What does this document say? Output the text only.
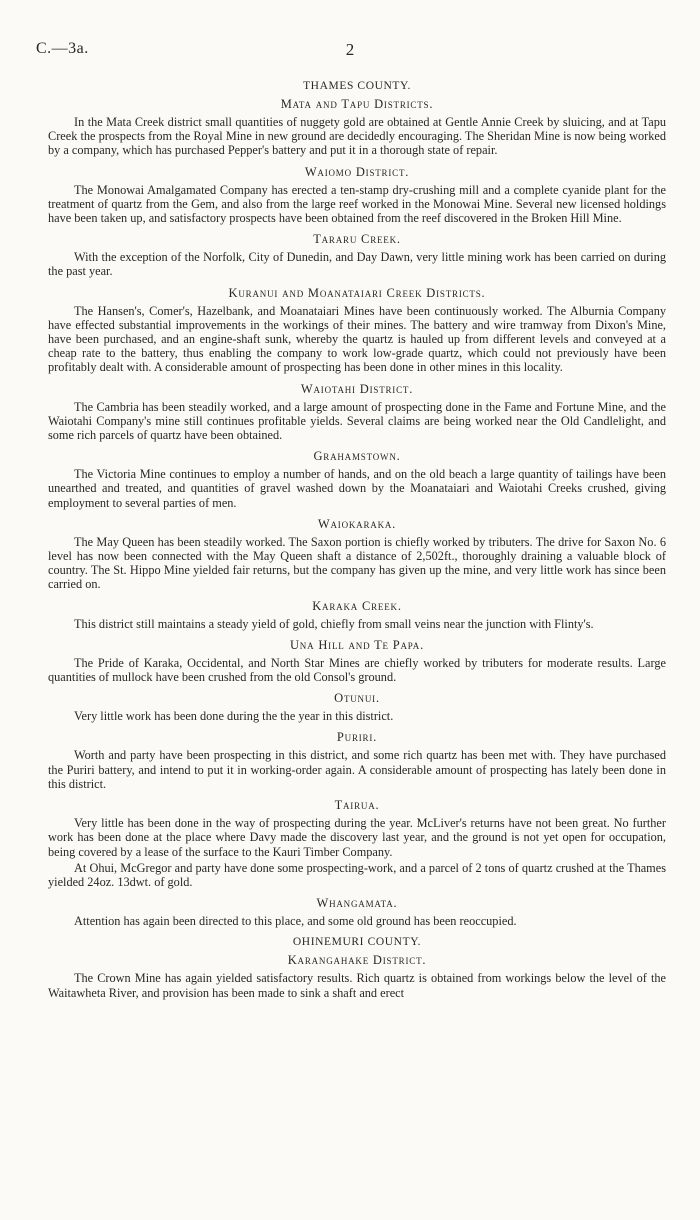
C.—3a.	2
THAMES COUNTY.
Mata and Tapu Districts.

In the Mata Creek district small quantities of nuggety gold are obtained at Gentle Annie Creek by sluicing, and at Tapu Creek the prospects from the Royal Mine in new ground are decidedly encouraging. The Sheridan Mine is now being worked by a company, which has purchased Pepper's battery and put it in a thorough state of repair.

Waiomo District.

The Monowai Amalgamated Company has erected a ten-stamp dry-crushing mill and a complete cyanide plant for the treatment of quartz from the Gem, and also from the large reef worked in the Monowai Mine. Several new licensed holdings have been taken up, and satisfactory prospects have been obtained from the reef discovered in the Broken Hill Mine.

Tararu Creek.

With the exception of the Norfolk, City of Dunedin, and Day Dawn, very little mining work has been carried on during the past year.

Kuranui and Moanataiari Creek Districts.

The Hansen's, Comer's, Hazelbank, and Moanataiari Mines have been continuously worked. The Alburnia Company have effected substantial improvements in the workings of their mines. The battery and wire tramway from Dixon's Mine, have been purchased, and an engine-shaft sunk, whereby the quartz is hauled up from different levels and conveyed at a cheap rate to the battery, thus enabling the company to work low-grade quartz, which could not previously have been profitably dealt with. A considerable amount of prospecting has been done in other mines in this locality.

Waiotahi District.

The Cambria has been steadily worked, and a large amount of prospecting done in the Fame and Fortune Mine, and the Waiotahi Company's mine still continues profitable yields. Several claims are being worked near the Old Candlelight, and some rich parcels of quartz have been obtained.

Grahamstown.

The Victoria Mine continues to employ a number of hands, and on the old beach a large quantity of tailings have been unearthed and treated, and quantities of gravel washed down by the Moanataiari and Waiotahi Creeks crushed, giving employment to several parties of men.

Waiokaraka.

The May Queen has been steadily worked. The Saxon portion is chiefly worked by tributers. The drive for Saxon No. 6 level has now been connected with the May Queen shaft a distance of 2,502ft., thoroughly draining a valuable block of country. The St. Hippo Mine yielded fair returns, but the company has given up the mine, and very little work has since been carried on.

Karaka Creek.

This district still maintains a steady yield of gold, chiefly from small veins near the junction with Flinty's.

Una Hill and Te Papa.

The Pride of Karaka, Occidental, and North Star Mines are chiefly worked by tributers for moderate results. Large quantities of mullock have been crushed from the old Consol's ground.

Otunui.

Very little work has been done during the the year in this district.

Puriri.

Worth and party have been prospecting in this district, and some rich quartz has been met with. They have purchased the Puriri battery, and intend to put it in working-order again. A considerable amount of prospecting has lately been done in this district.

Tairua.

Very little has been done in the way of prospecting during the year. McLiver's returns have not been great. No further work has been done at the place where Davy made the discovery last year, and the ground is not yet open for occupation, being covered by a lease of the surface to the Kauri Timber Company.

At Ohui, McGregor and party have done some prospecting-work, and a parcel of 2 tons of quartz crushed at the Thames yielded 24oz. 13dwt. of gold.

Whangamata.

Attention has again been directed to this place, and some old ground has been reoccupied.

OHINEMURI COUNTY.
Karangahake District.

The Crown Mine has again yielded satisfactory results. Rich quartz is obtained from workings below the level of the Waitawheta River, and provision has been made to sink a shaft and erect
